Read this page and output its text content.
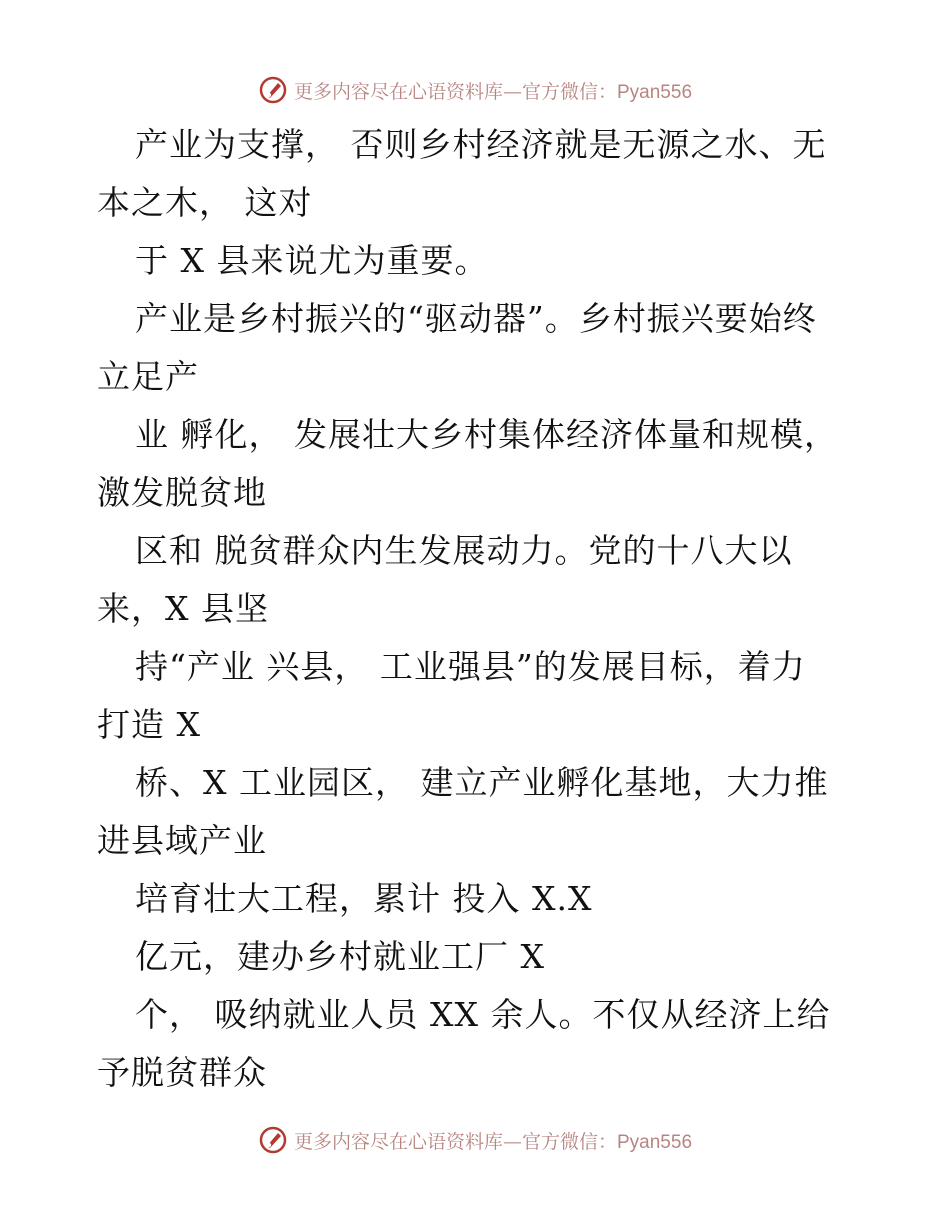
更多内容尽在心语资料库—官方微信：Pyan556
产业为支撑， 否则乡村经济就是无源之水、无
本之木， 这对
于 X 县来说尤为重要。
产业是乡村振兴的“驱动器”。乡村振兴要始终
立足产
业 孵化， 发展壮大乡村集体经济体量和规模，
激发脱贫地
区和 脱贫群众内生发展动力。党的十八大以
来，X 县坚
持“产业 兴县， 工业强县”的发展目标，着力
打造 X
桥、X 工业园区， 建立产业孵化基地，大力推
进县域产业
培育壮大工程，累计 投入 X.X
亿元，建办乡村就业工厂 X
个， 吸纳就业人员 XX 余人。不仅从经济上给
予脱贫群众
更多内容尽在心语资料库—官方微信：Pyan556
